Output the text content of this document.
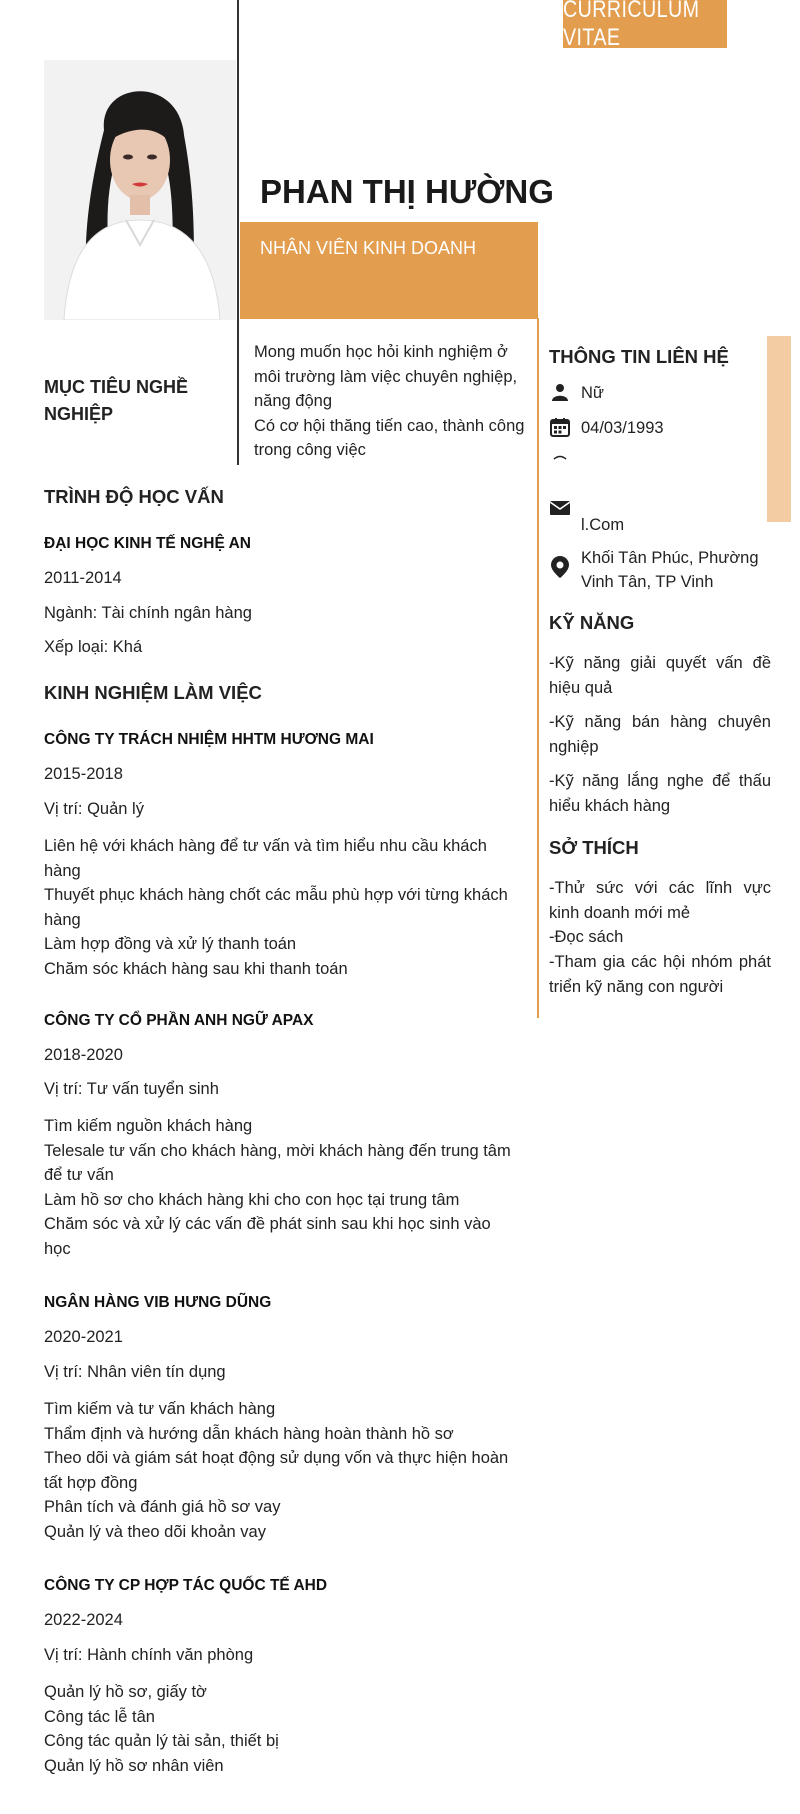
CURRICULUM VITAE
PHAN THỊ HƯỜNG
NHÂN VIÊN KINH DOANH
MỤC TIÊU NGHỀ NGHIỆP
Mong muốn học hỏi kinh nghiệm ở môi trường làm việc chuyên nghiệp, năng động
Có cơ hội thăng tiến cao, thành công trong công việc
TRÌNH ĐỘ HỌC VẤN
ĐẠI HỌC KINH TẾ NGHỆ AN
2011-2014
Ngành: Tài chính ngân hàng
Xếp loại: Khá
KINH NGHIỆM LÀM VIỆC
CÔNG TY TRÁCH NHIỆM HHTM HƯƠNG MAI
2015-2018
Vị trí: Quản lý
Liên hệ với khách hàng để tư vấn và tìm hiểu nhu cầu khách hàng
Thuyết phục khách hàng chốt các mẫu phù hợp với từng khách hàng
Làm hợp đồng và xử lý thanh toán
Chăm sóc khách hàng sau khi thanh toán
CÔNG TY CỔ PHẦN ANH NGỮ APAX
2018-2020
Vị trí: Tư vấn tuyển sinh
Tìm kiếm nguồn khách hàng
Telesale tư vấn cho khách hàng, mời khách hàng đến trung tâm để tư vấn
Làm hồ sơ cho khách hàng khi cho con học tại trung tâm
Chăm sóc và xử lý các vấn đề phát sinh sau khi học sinh vào học
NGÂN HÀNG VIB HƯNG DŨNG
2020-2021
Vị trí: Nhân viên tín dụng
Tìm kiếm và tư vấn khách hàng
Thẩm định và hướng dẫn khách hàng hoàn thành hồ sơ
Theo dõi và giám sát hoạt động sử dụng vốn và thực hiện hoàn tất hợp đồng
Phân tích và đánh giá hồ sơ vay
Quản lý và theo dõi khoản vay
CÔNG TY CP HỢP TÁC QUỐC TẾ AHD
2022-2024
Vị trí: Hành chính văn phòng
Quản lý hồ sơ, giấy tờ
Công tác lễ tân
Công tác quản lý tài sản, thiết bị
Quản lý hồ sơ nhân viên
THÔNG TIN LIÊN HỆ
Nữ
04/03/1993
-
l.Com
Khối Tân Phúc, Phường Vinh Tân, TP Vinh
KỸ NĂNG
-Kỹ năng giải quyết vấn đề hiệu quả
-Kỹ năng bán hàng chuyên nghiệp
-Kỹ năng lắng nghe để thấu hiểu khách hàng
SỞ THÍCH
-Thử sức với các lĩnh vực kinh doanh mới mẻ
-Đọc sách
-Tham gia các hội nhóm phát triển kỹ năng con người
